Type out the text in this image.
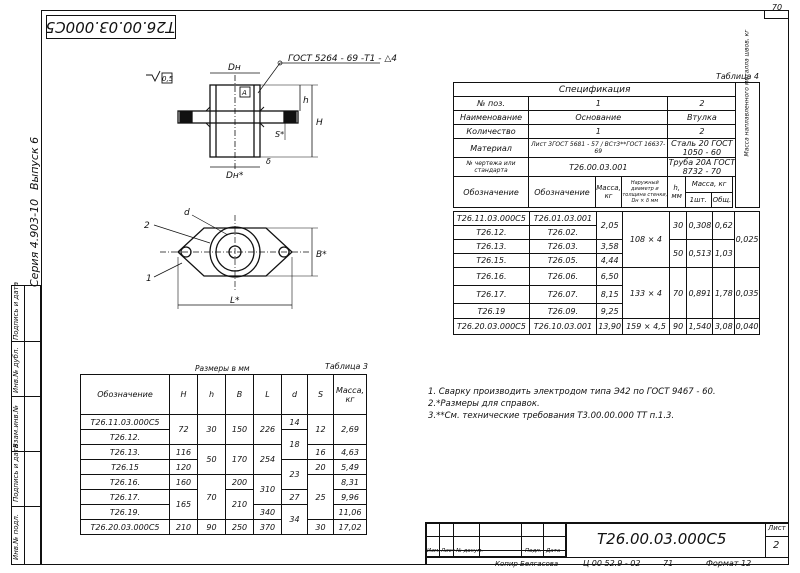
Т26.00.03.000С5
70
Серия 4.903-10
Выпуск 6
Инв.№ подл.
Подпись и дата
Взам.инв.№
Инв.№ дубл.
Подпись и дата
ГОСТ 5264 - 69 -Т1 - △4
0,5
А
Dн
Dн*
H
h
S*
δ
d
2
1
L*
B*
Таблица 4
Спецификация								Масса наплавленного металла швов, кг

№ поз.	1			2				
Наименование	Основание			Втулка				
Количество	1			2				
Материал	Лист 3ГОСТ 5681 - 57 / ВСт3**ГОСТ 16637-69			Сталь 20 ГОСТ 1050 - 60				
№ чертежа или стандарта	Т26.00.03.001			Труба 20А ГОСТ 8732 - 70				
Обозначение	Обозначение	Масса, кг	Наружный диаметр и толщина стенки, Dн × δ мм	h, мм	Масса, кг			
					1шт.	Общ.		
Т26.11.03.000С5	Т26.01.03.001	2,05	108 × 4	30	0,308	0,62	0,025
Т26.12.	Т26.02.						
Т26.13.	Т26.03.	3,58		50	0,513	1,03	
Т26.15.	Т26.05.	4,44					
Т26.16.	Т26.06.	6,50	133 × 4	70	0,891	1,78	0,035
Т26.17.	Т26.07.	8,15					
Т26.19	Т26.09.	9,25					
Т26.20.03.000С5	Т26.10.03.001	13,90	159 × 4,5	90	1,540	3,08	0,040
Размеры в мм	Таблица 3
Обозначение	H	h	B	L	d	S	Масса, кг
Т26.11.03.000С5	72	30	150	226	14	12	2,69
Т26.12.					18		
Т26.13.	116	50	170	254		16	4,63
Т26.15	120				23	20	5,49
Т26.16.	160	70	200	310		25	8,31
Т26.17.	165		210		27		9,96
Т26.19.				340	34		11,06
Т26.20.03.000С5	210	90	250	370		30	17,02
1. Сварку производить электродом типа Э42 по ГОСТ 9467 - 60.
2.*Размеры для справок.
3.**См. технические требования Т3.00.00.000 ТТ п.1.3.
Изм. Лист № докум.	Подп. Дата
Т26.00.03.000С5
Лист
2
Копир Белгасова	Ц 00 52.9 - 02	71	Формат 12
